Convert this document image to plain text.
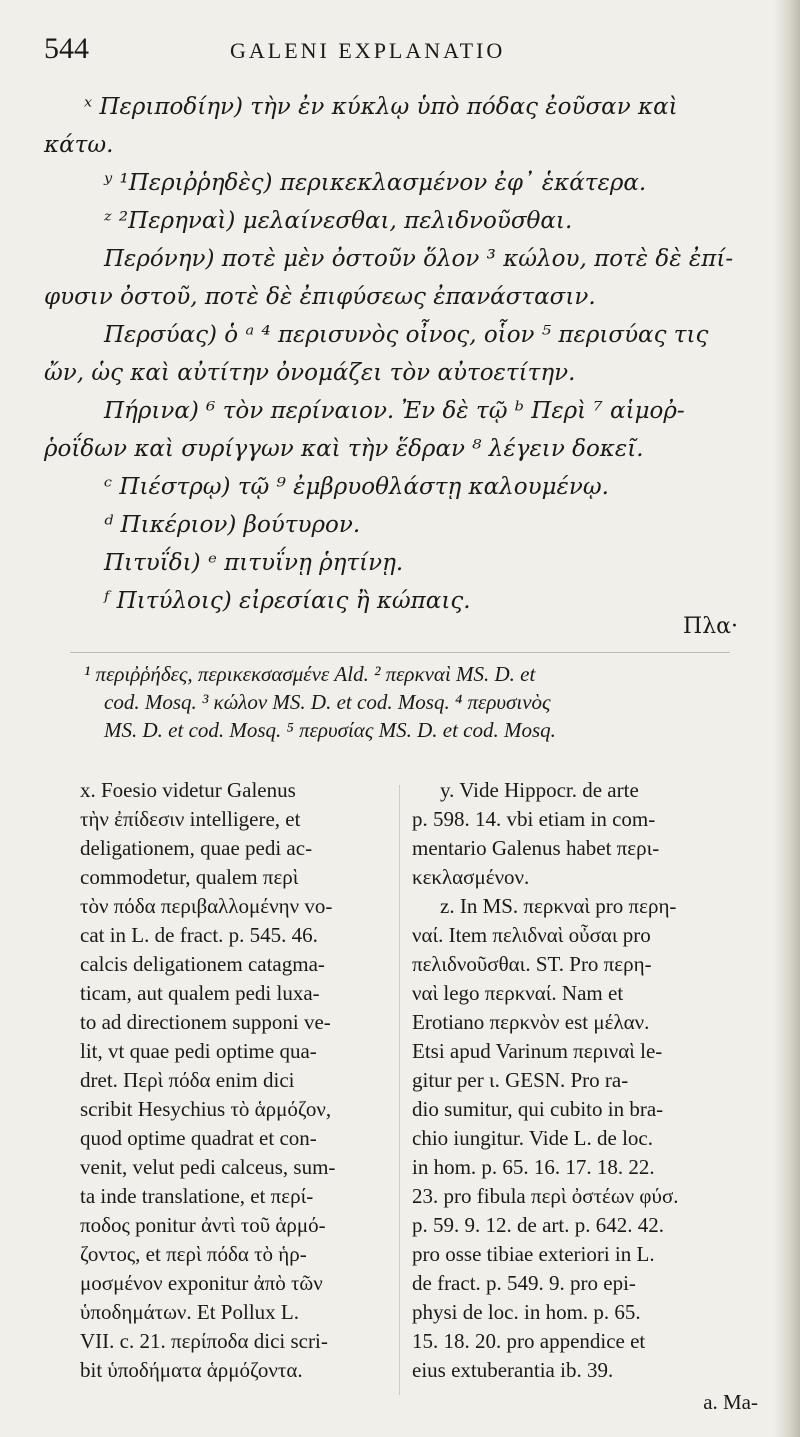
544	GALENI EXPLANATIO
ˣ Περιποδίην) τὴν ἐν κύκλῳ ὑπὸ πόδας ἐοῦσαν καὶ
κάτω.
ʸ ¹Περιῤῥηδὲς) περικεκλασμένον ἐφ᾽ ἑκάτερα.
ᶻ ²Περηναὶ) μελαίνεσθαι, πελιδνοῦσθαι.
Περόνην) ποτὲ μὲν ὀστοῦν ὅλον ³ κώλου, ποτὲ δὲ ἐπί-
φυσιν ὀστοῦ, ποτὲ δὲ ἐπιφύσεως ἐπανάστασιν.
Περσύας) ὁ ᵃ ⁴ περισυνὸς οἶνος, οἷον ⁵ περισύας τις
ὤν, ὡς καὶ αὐτίτην ὀνομάζει τὸν αὐτοετίτην.
Πήρινα) ⁶ τὸν περίναιον. Ἐν δὲ τῷ ᵇ Περὶ ⁷ αἱμοῤ-
ῥοΐδων καὶ συρίγγων καὶ τὴν ἕδραν ⁸ λέγειν δοκεῖ.
ᶜ Πιέστρῳ) τῷ ⁹ ἐμβρυοθλάστῃ καλουμένῳ.
ᵈ Πικέριον) βούτυρον.
Πιτυΐδι) ᵉ πιτυΐνῃ ῥητίνῃ.
ᶠ Πιτύλοις) εἰρεσίαις ἢ κώπαις.
Πλα·
¹ περιῤῥήδες, περικεκσασμένε Ald. ² περκναὶ MS. D. et
cod. Mosq. ³ κώλον MS. D. et cod. Mosq. ⁴ περυσινὸς
MS. D. et cod. Mosq. ⁵ περυσίας MS. D. et cod. Mosq.
x. Foesio videtur Galenus
τὴν ἐπίδεσιν intelligere, et
deligationem, quae pedi ac-
commodetur, qualem περὶ
τὸν πόδα περιβαλλομένην vo-
cat in L. de fract. p. 545. 46.
calcis deligationem catagma-
ticam, aut qualem pedi luxa-
to ad directionem supponi ve-
lit, vt quae pedi optime qua-
dret. Περὶ πόδα enim dici
scribit Hesychius τὸ ἁρμόζον,
quod optime quadrat et con-
venit, velut pedi calceus, sum-
ta inde translatione, et περί-
ποδος ponitur ἀντὶ τοῦ ἁρμό-
ζοντος, et περὶ πόδα τὸ ἡρ-
μοσμένον exponitur ἀπὸ τῶν
ὑποδημάτων. Et Pollux L.
VII. c. 21. περίποδα dici scri-
bit ὑποδήματα ἁρμόζοντα.
y. Vide Hippocr. de arte
p. 598. 14. vbi etiam in com-
mentario Galenus habet περι-
κεκλασμένον.
z. In MS. περκναὶ pro περη-
ναί. Item πελιδναὶ οὖσαι pro
πελιδνοῦσθαι. ST. Pro περη-
ναὶ lego περκναί. Nam et
Erotiano περκνὸν est μέλαν.
Etsi apud Varinum περιναὶ le-
gitur per ι. GESN. Pro ra-
dio sumitur, qui cubito in bra-
chio iungitur. Vide L. de loc.
in hom. p. 65. 16. 17. 18. 22.
23. pro fibula περὶ ὀστέων φύσ.
p. 59. 9. 12. de art. p. 642. 42.
pro osse tibiae exteriori in L.
de fract. p. 549. 9. pro epi-
physi de loc. in hom. p. 65.
15. 18. 20. pro appendice et
eius extuberantia ib. 39.
a. Ma-
